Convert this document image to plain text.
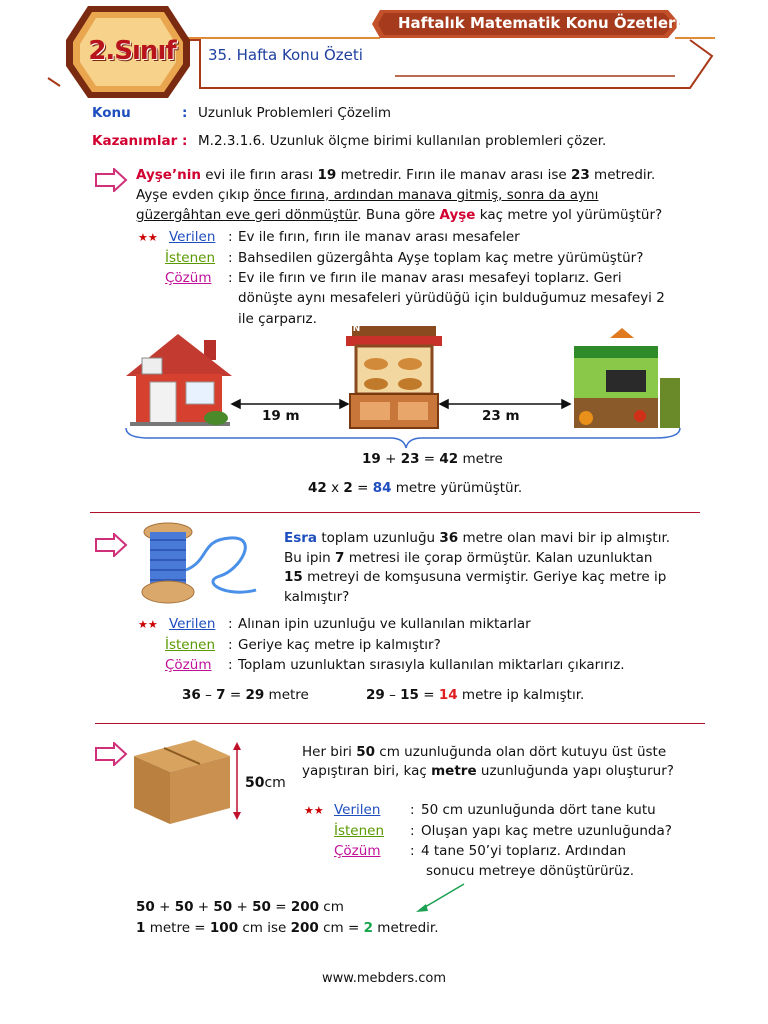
2.Sınıf
Haftalık Matematik Konu Özetleri
35. Hafta Konu Özeti
Konu	: Uzunluk Problemleri Çözelim
Kazanımlar : M.2.3.1.6. Uzunluk ölçme birimi kullanılan problemleri çözer.
Ayşe’nin evi ile fırın arası 19 metredir. Fırın ile manav arası ise 23 metredir.
Ayşe evden çıkıp önce fırına, ardından manava gitmiş, sonra da aynı
güzergâhtan eve geri dönmüştür. Buna göre Ayşe kaç metre yol yürümüştür?
★★ Verilen : Ev ile fırın, fırın ile manav arası mesafeler
İstenen : Bahsedilen güzergâhta Ayşe toplam kaç metre yürümüştür?
Çözüm : Ev ile fırın ve fırın ile manav arası mesafeyi toplarız. Geri
dönüşte aynı mesafeleri yürüdüğü için bulduğumuz mesafeyi 2
ile çarparız.
FIRIN
19 m	23 m
19 + 23 = 42 metre
42 x 2 = 84 metre yürümüştür.
Esra toplam uzunluğu 36 metre olan mavi bir ip almıştır.
Bu ipin 7 metresi ile çorap örmüştür. Kalan uzunluktan
15 metreyi de komşusuna vermiştir. Geriye kaç metre ip
kalmıştır?
★★ Verilen : Alınan ipin uzunluğu ve kullanılan miktarlar
İstenen : Geriye kaç metre ip kalmıştır?
Çözüm : Toplam uzunluktan sırasıyla kullanılan miktarları çıkarırız.
36 – 7 = 29 metre	29 – 15 = 14 metre ip kalmıştır.
50cm
Her biri 50 cm uzunluğunda olan dört kutuyu üst üste
yapıştıran biri, kaç metre uzunluğunda yapı oluşturur?
★★ Verilen : 50 cm uzunluğunda dört tane kutu
İstenen : Oluşan yapı kaç metre uzunluğunda?
Çözüm : 4 tane 50’yi toplarız. Ardından
sonucu metreye dönüştürürüz.
50 + 50 + 50 + 50 = 200 cm
1 metre = 100 cm ise 200 cm = 2 metredir.
www.mebders.com
